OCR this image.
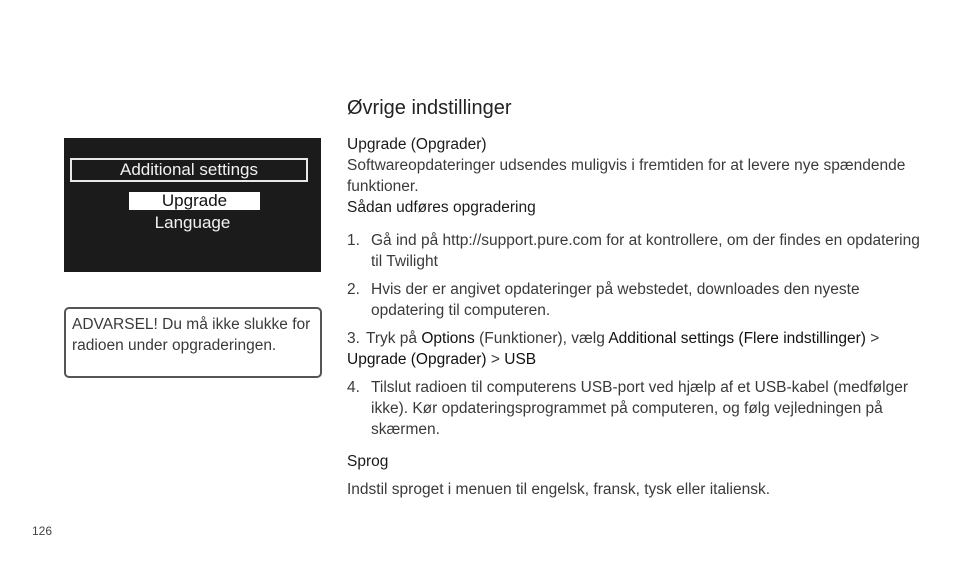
Additional settings
Upgrade
Language
ADVARSEL! Du må ikke slukke for radioen under opgraderingen.
126
Øvrige indstillinger

Upgrade (Opgrader)

Softwareopdateringer udsendes muligvis i fremtiden for at levere nye spændende funktioner.

Sådan udføres opgradering

1. Gå ind på http://support.pure.com for at kontrollere, om der findes en opdatering til Twilight
2. Hvis der er angivet opdateringer på webstedet, downloades den nyeste opdatering til computeren.
3. Tryk på Options (Funktioner), vælg Additional settings (Flere indstillinger) > Upgrade (Opgrader) > USB
4. Tilslut radioen til computerens USB-port ved hjælp af et USB-kabel (medfølger ikke). Kør opdateringsprogrammet på computeren, og følg vejledningen på skærmen.

Sprog

Indstil sproget i menuen til engelsk, fransk, tysk eller italiensk.
